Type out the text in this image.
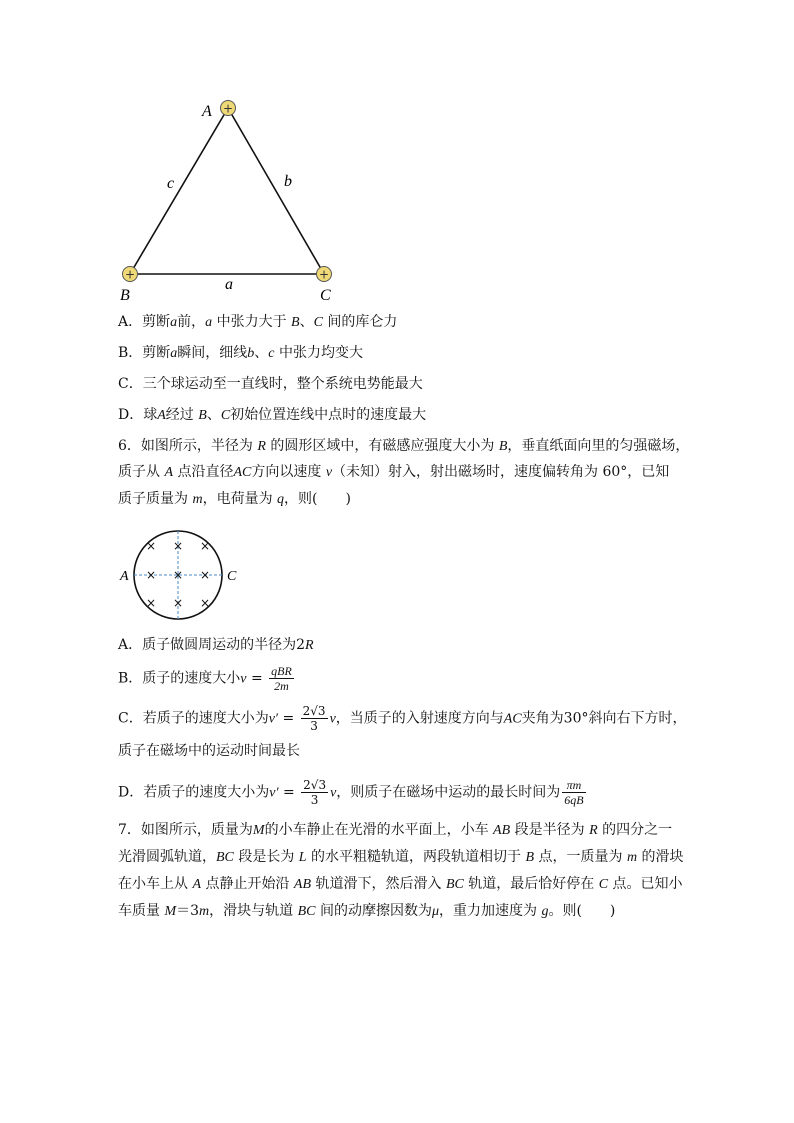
+
+	+
A
B	C
c	b
a
A．剪断a前，a 中张力大于 B、C 间的库仑力
B．剪断a瞬间，细线b、c 中张力均变大
C．三个球运动至一直线时，整个系统电势能最大
D．球A经过 B、C初始位置连线中点时的速度最大
6．如图所示，半径为 R 的圆形区域中，有磁感应强度大小为 B，垂直纸面向里的匀强磁场，
质子从 A 点沿直径AC方向以速度 v（未知）射入，射出磁场时，速度偏转角为 60°，已知
质子质量为 m，电荷量为 q，则(　　)
× × ×
× × ×
× × ×
A	C
A．质子做圆周运动的半径为2R
B．质子的速度大小$v = \frac{\text{qBR}}{2m}$
C．若质子的速度大小为$v' = \frac{2√3}{3}$ v，当质子的入射速度方向与AC夹角为30°斜向右下方时，
质子在磁场中的运动时间最长
D．若质子的速度大小为$v' = \frac{2√3}{3}$ v，则质子在磁场中运动的最长时间为 $\frac{\pi m}{6qB}$
7．如图所示，质量为M的小车静止在光滑的水平面上，小车 AB 段是半径为 R 的四分之一
光滑圆弧轨道，BC 段是长为 L 的水平粗糙轨道，两段轨道相切于 B 点，一质量为 m 的滑块
在小车上从 A 点静止开始沿 AB 轨道滑下，然后滑入 BC 轨道，最后恰好停在 C 点。已知小
车质量 M＝3m，滑块与轨道 BC 间的动摩擦因数为μ，重力加速度为 g。则(　　)
